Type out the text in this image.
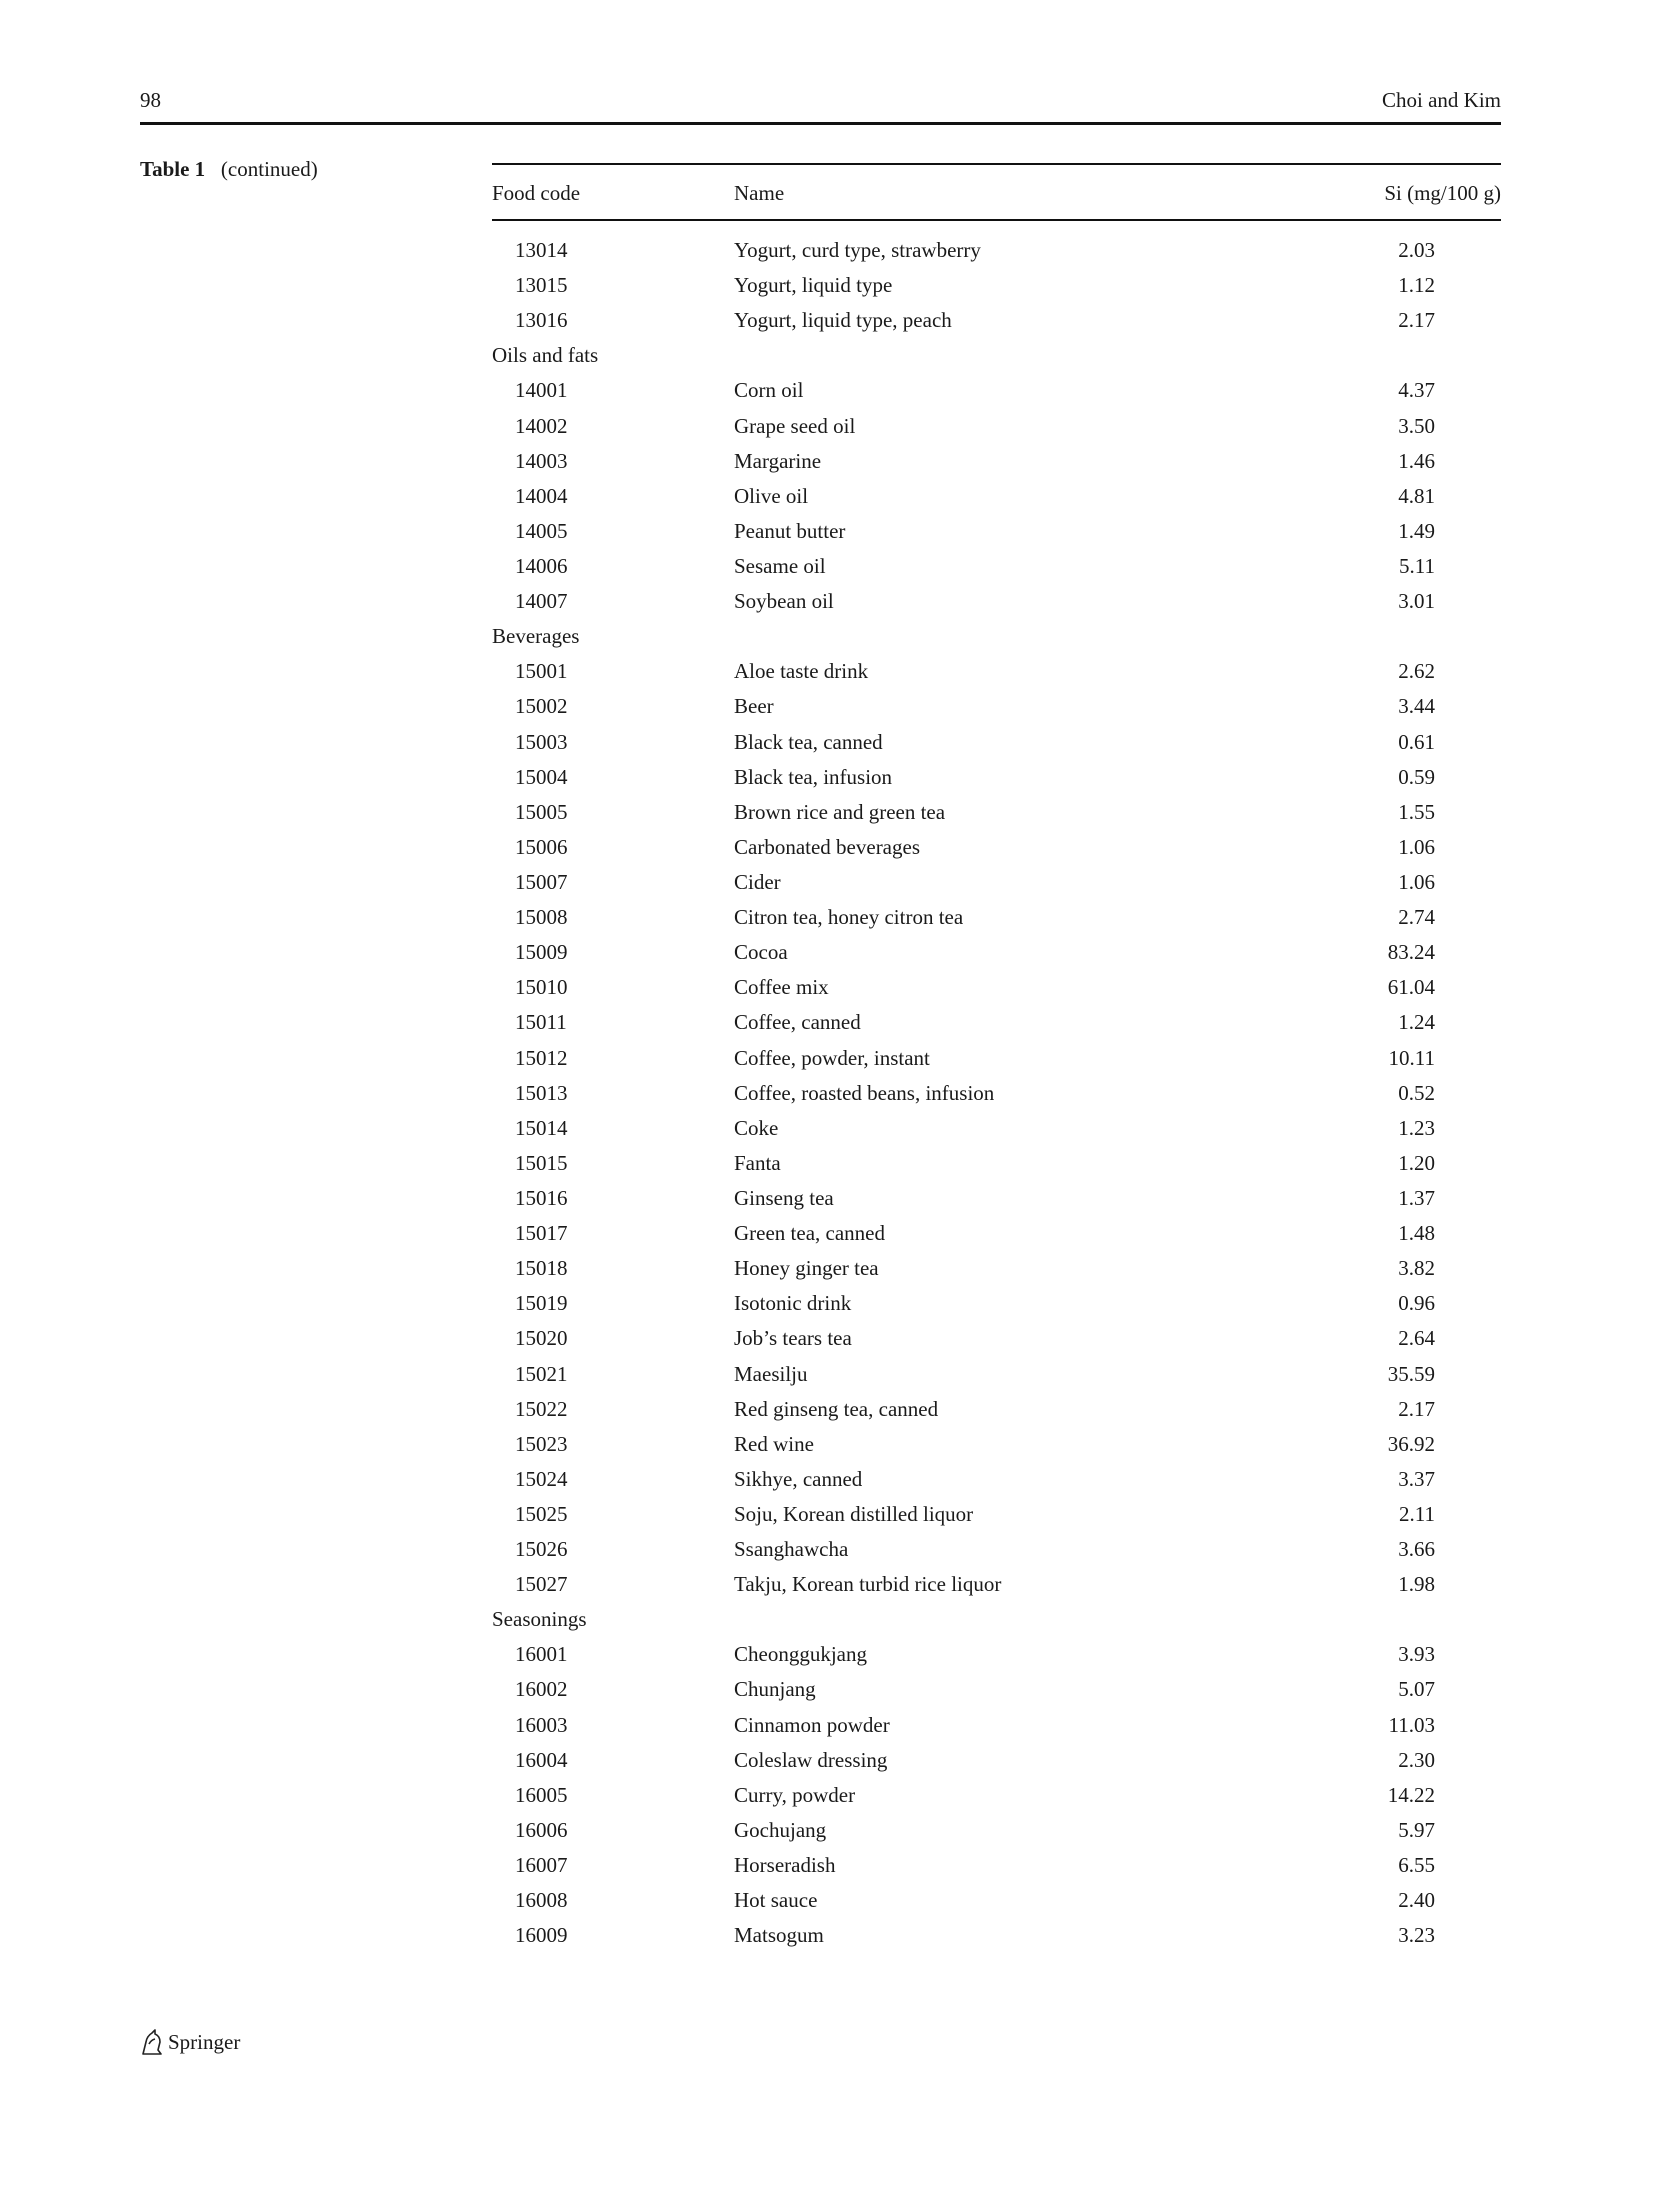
98	Choi and Kim
Table 1 (continued)
Food code	Name	Si (mg/100 g)
13014	Yogurt, curd type, strawberry	2.03
13015	Yogurt, liquid type	1.12
13016	Yogurt, liquid type, peach	2.17
Oils and fats
14001	Corn oil	4.37
14002	Grape seed oil	3.50
14003	Margarine	1.46
14004	Olive oil	4.81
14005	Peanut butter	1.49
14006	Sesame oil	5.11
14007	Soybean oil	3.01
Beverages
15001	Aloe taste drink	2.62
15002	Beer	3.44
15003	Black tea, canned	0.61
15004	Black tea, infusion	0.59
15005	Brown rice and green tea	1.55
15006	Carbonated beverages	1.06
15007	Cider	1.06
15008	Citron tea, honey citron tea	2.74
15009	Cocoa	83.24
15010	Coffee mix	61.04
15011	Coffee, canned	1.24
15012	Coffee, powder, instant	10.11
15013	Coffee, roasted beans, infusion	0.52
15014	Coke	1.23
15015	Fanta	1.20
15016	Ginseng tea	1.37
15017	Green tea, canned	1.48
15018	Honey ginger tea	3.82
15019	Isotonic drink	0.96
15020	Job’s tears tea	2.64
15021	Maesilju	35.59
15022	Red ginseng tea, canned	2.17
15023	Red wine	36.92
15024	Sikhye, canned	3.37
15025	Soju, Korean distilled liquor	2.11
15026	Ssanghawcha	3.66
15027	Takju, Korean turbid rice liquor	1.98
Seasonings
16001	Cheonggukjang	3.93
16002	Chunjang	5.07
16003	Cinnamon powder	11.03
16004	Coleslaw dressing	2.30
16005	Curry, powder	14.22
16006	Gochujang	5.97
16007	Horseradish	6.55
16008	Hot sauce	2.40
16009	Matsogum	3.23
Springer
